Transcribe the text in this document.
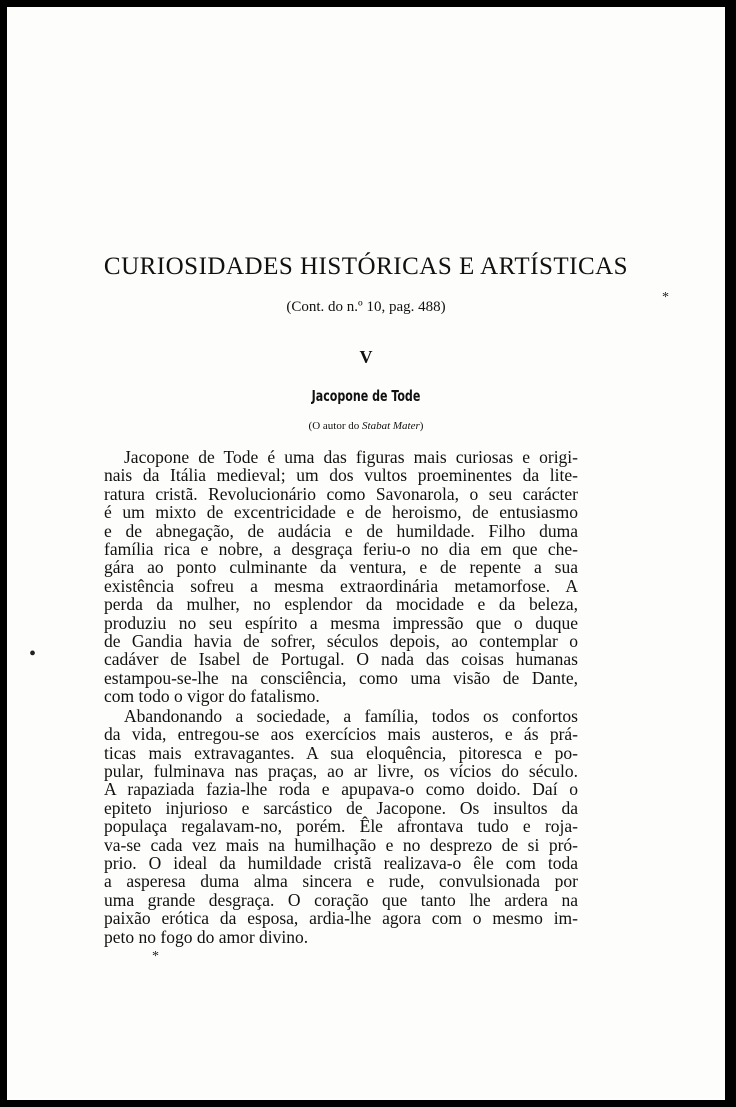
CURIOSIDADES HISTÓRICAS E ARTÍSTICAS

(Cont. do n.º 10, pag. 488)

V

Jacopone de Tode

(O autor do Stabat Mater)

Jacopone de Tode é uma das figuras mais curiosas e origi-
nais da Itália medieval; um dos vultos proeminentes da lite-
ratura cristã. Revolucionário como Savonarola, o seu carácter
é um mixto de excentricidade e de heroismo, de entusiasmo
e de abnegação, de audácia e de humildade. Filho duma
família rica e nobre, a desgraça feriu-o no dia em que che-
gára ao ponto culminante da ventura, e de repente a sua
existência sofreu a mesma extraordinária metamorfose. A
perda da mulher, no esplendor da mocidade e da beleza,
produziu no seu espírito a mesma impressão que o duque
de Gandia havia de sofrer, séculos depois, ao contemplar o
cadáver de Isabel de Portugal. O nada das coisas humanas
estampou-se-lhe na consciência, como uma visão de Dante,
com todo o vigor do fatalismo.
Abandonando a sociedade, a família, todos os confortos
da vida, entregou-se aos exercícios mais austeros, e ás prá-
ticas mais extravagantes. A sua eloquência, pitoresca e po-
pular, fulminava nas praças, ao ar livre, os vícios do século.
A rapaziada fazia-lhe roda e apupava-o como doido. Daí o
epiteto injurioso e sarcástico de Jacopone. Os insultos da
populaça regalavam-no, porém. Êle afrontava tudo e roja-
va-se cada vez mais na humilhação e no desprezo de si pró-
prio. O ideal da humildade cristã realizava-o êle com toda
a asperesa duma alma sincera e rude, convulsionada por
uma grande desgraça. O coração que tanto lhe ardera na
paixão erótica da esposa, ardia-lhe agora com o mesmo im-
peto no fogo do amor divino.
*
*
•
